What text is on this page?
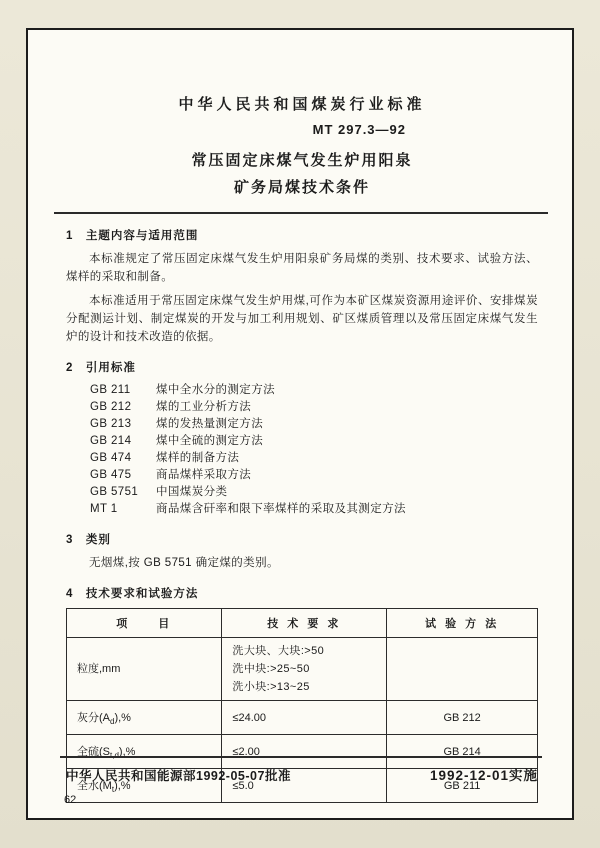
中华人民共和国煤炭行业标准
MT 297.3—92
常压固定床煤气发生炉用阳泉
矿务局煤技术条件
1　主题内容与适用范围

本标准规定了常压固定床煤气发生炉用阳泉矿务局煤的类别、技术要求、试验方法、煤样的采取和制备。

本标准适用于常压固定床煤气发生炉用煤,可作为本矿区煤炭资源用途评价、安排煤炭分配测运计划、制定煤炭的开发与加工利用规划、矿区煤质管理以及常压固定床煤气发生炉的设计和技术改造的依据。

2　引用标准
GB 211	煤中全水分的测定方法
GB 212	煤的工业分析方法
GB 213	煤的发热量测定方法
GB 214	煤中全硫的测定方法
GB 474	煤样的制备方法
GB 475	商品煤样采取方法
GB 5751	中国煤炭分类
MT 1	商品煤含矸率和限下率煤样的采取及其测定方法
3　类别

无烟煤,按 GB 5751 确定煤的类别。

4　技术要求和试验方法
项　　目	技 术 要 求	试 验 方 法
粒度,mm	洗大块、大块:>50
洗中块:>25~50
洗小块:>13~25	

灰分$(A_d),\%$	≤24.00	GB 212
全硫$(S_{t,d}),\%$	≤2.00	GB 214
全水$(M_t),\%$	≤5.0	GB 211
中华人民共和国能源部1992-05-07批准	1992-12-01实施
62
